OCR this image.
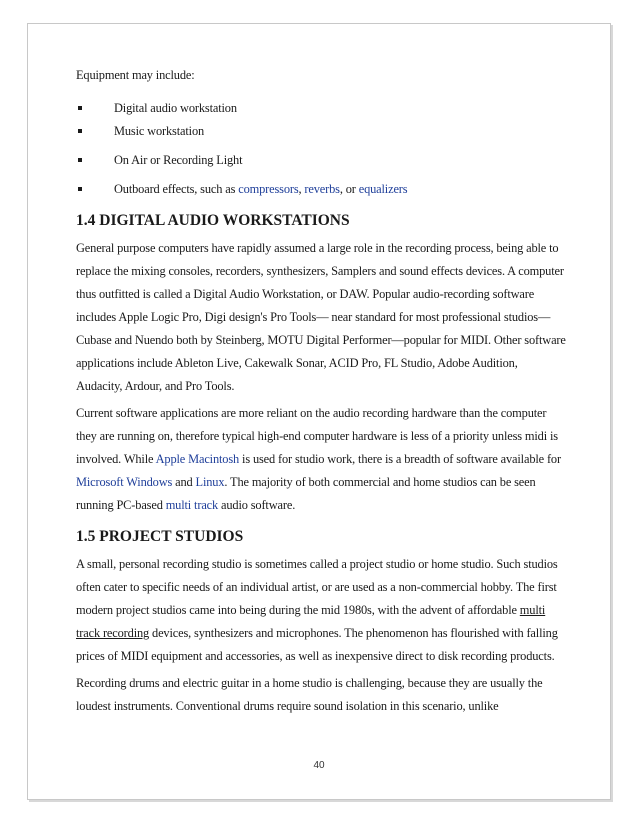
Equipment may include:

Digital audio workstation
Music workstation
On Air or Recording Light
Outboard effects, such as compressors, reverbs, or equalizers
1.4 DIGITAL AUDIO WORKSTATIONS

General purpose computers have rapidly assumed a large role in the recording process, being able to replace the mixing consoles, recorders, synthesizers, Samplers and sound effects devices. A computer thus outfitted is called a Digital Audio Workstation, or DAW. Popular audio-recording software includes Apple Logic Pro, Digi design's Pro Tools— near standard for most professional studios— Cubase and Nuendo both by Steinberg, MOTU Digital Performer—popular for MIDI. Other software applications include Ableton Live, Cakewalk Sonar, ACID Pro, FL Studio, Adobe Audition, Audacity, Ardour, and Pro Tools.

Current software applications are more reliant on the audio recording hardware than the computer they are running on, therefore typical high-end computer hardware is less of a priority unless midi is involved. While Apple Macintosh is used for studio work, there is a breadth of software available for Microsoft Windows and Linux. The majority of both commercial and home studios can be seen running PC-based multi track audio software.

1.5 PROJECT STUDIOS

A small, personal recording studio is sometimes called a project studio or home studio. Such studios often cater to specific needs of an individual artist, or are used as a non-commercial hobby. The first modern project studios came into being during the mid 1980s, with the advent of affordable multi track recording devices, synthesizers and microphones. The phenomenon has flourished with falling prices of MIDI equipment and accessories, as well as inexpensive direct to disk recording products.

Recording drums and electric guitar in a home studio is challenging, because they are usually the loudest instruments. Conventional drums require sound isolation in this scenario, unlike

40
